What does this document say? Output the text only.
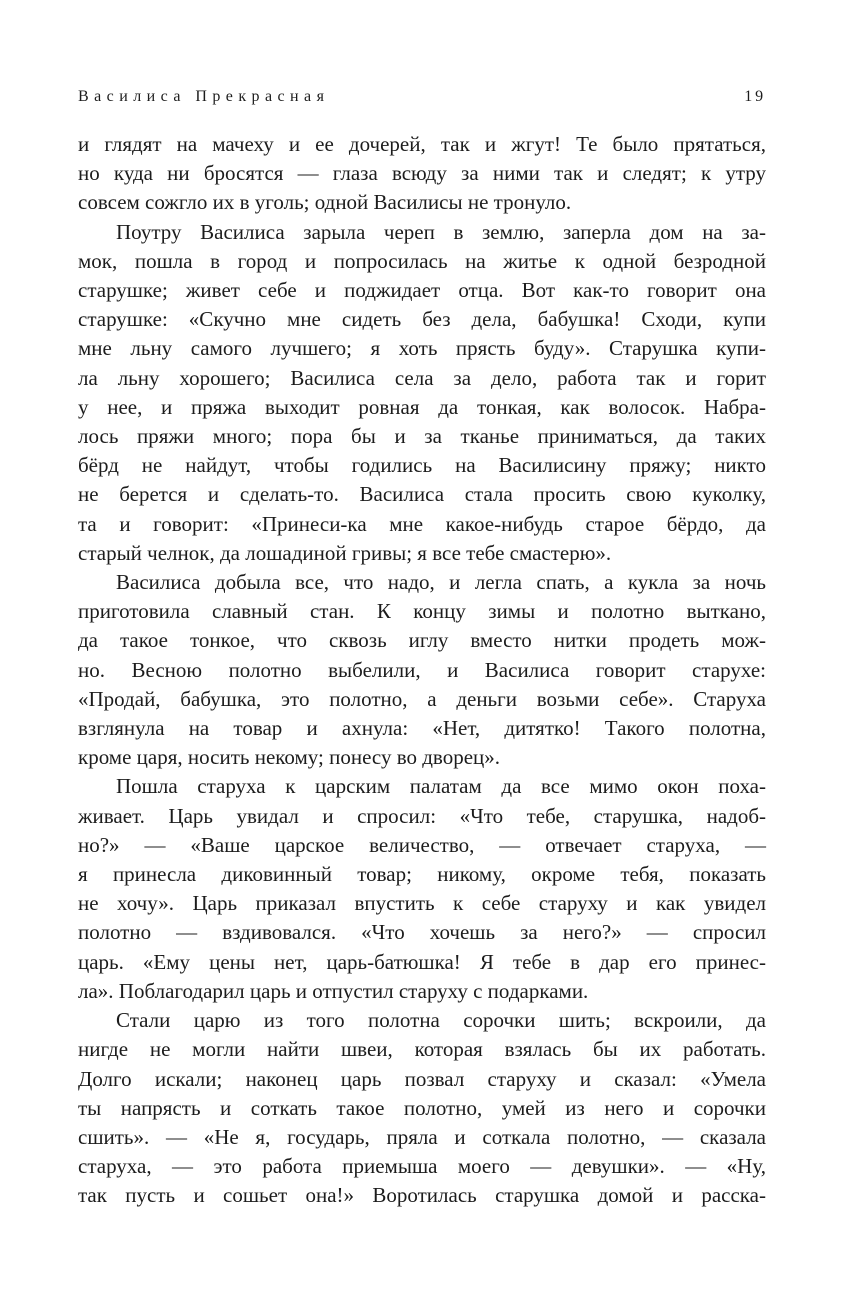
Василиса Прекрасная	19

и глядят на мачеху и ее дочерей, так и жгут! Те было прятаться,
но куда ни бросятся — глаза всюду за ними так и следят; к утру
совсем сожгло их в уголь; одной Василисы не тронуло.

Поутру Василиса зарыла череп в землю, заперла дом на за-
мок, пошла в город и попросилась на житье к одной безродной
старушке; живет себе и поджидает отца. Вот как-то говорит она
старушке: «Скучно мне сидеть без дела, бабушка! Сходи, купи
мне льну самого лучшего; я хоть прясть буду». Старушка купи-
ла льну хорошего; Василиса села за дело, работа так и горит
у нее, и пряжа выходит ровная да тонкая, как волосок. Набра-
лось пряжи много; пора бы и за тканье приниматься, да таких
бёрд не найдут, чтобы годились на Василисину пряжу; никто
не берется и сделать-то. Василиса стала просить свою куколку,
та и говорит: «Принеси-ка мне какое-нибудь старое бёрдо, да
старый челнок, да лошадиной гривы; я все тебе смастерю».

Василиса добыла все, что надо, и легла спать, а кукла за ночь
приготовила славный стан. К концу зимы и полотно выткано,
да такое тонкое, что сквозь иглу вместо нитки продеть мож-
но. Весною полотно выбелили, и Василиса говорит старухе:
«Продай, бабушка, это полотно, а деньги возьми себе». Старуха
взглянула на товар и ахнула: «Нет, дитятко! Такого полотна,
кроме царя, носить некому; понесу во дворец».

Пошла старуха к царским палатам да все мимо окон поха-
живает. Царь увидал и спросил: «Что тебе, старушка, надоб-
но?» — «Ваше царское величество, — отвечает старуха, —
я принесла диковинный товар; никому, окроме тебя, показать
не хочу». Царь приказал впустить к себе старуху и как увидел
полотно — вздивовался. «Что хочешь за него?» — спросил
царь. «Ему цены нет, царь-батюшка! Я тебе в дар его принес-
ла». Поблагодарил царь и отпустил старуху с подарками.

Стали царю из того полотна сорочки шить; вскроили, да
нигде не могли найти швеи, которая взялась бы их работать.
Долго искали; наконец царь позвал старуху и сказал: «Умела
ты напрясть и соткать такое полотно, умей из него и сорочки
сшить». — «Не я, государь, пряла и соткала полотно, — сказала
старуха, — это работа приемыша моего — девушки». — «Ну,
так пусть и сошьет она!» Воротилась старушка домой и расска-
